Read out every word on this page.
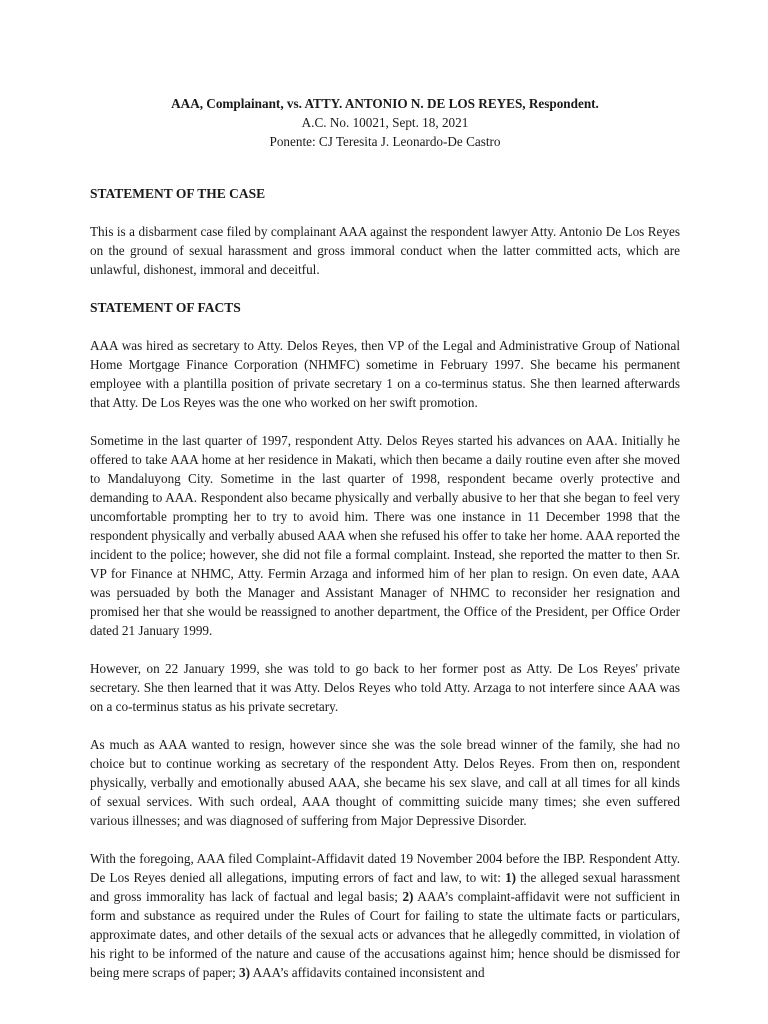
AAA, Complainant, vs. ATTY. ANTONIO N. DE LOS REYES, Respondent.
A.C. No. 10021, Sept. 18, 2021
Ponente: CJ Teresita J. Leonardo-De Castro
STATEMENT OF THE CASE

This is a disbarment case filed by complainant AAA against the respondent lawyer Atty. Antonio De Los Reyes on the ground of sexual harassment and gross immoral conduct when the latter committed acts, which are unlawful, dishonest, immoral and deceitful.

STATEMENT OF FACTS

AAA was hired as secretary to Atty. Delos Reyes, then VP of the Legal and Administrative Group of National Home Mortgage Finance Corporation (NHMFC) sometime in February 1997. She became his permanent employee with a plantilla position of private secretary 1 on a co-terminus status. She then learned afterwards that Atty. De Los Reyes was the one who worked on her swift promotion.

Sometime in the last quarter of 1997, respondent Atty. Delos Reyes started his advances on AAA. Initially he offered to take AAA home at her residence in Makati, which then became a daily routine even after she moved to Mandaluyong City. Sometime in the last quarter of 1998, respondent became overly protective and demanding to AAA. Respondent also became physically and verbally abusive to her that she began to feel very uncomfortable prompting her to try to avoid him. There was one instance in 11 December 1998 that the respondent physically and verbally abused AAA when she refused his offer to take her home. AAA reported the incident to the police; however, she did not file a formal complaint. Instead, she reported the matter to then Sr. VP for Finance at NHMC, Atty. Fermin Arzaga and informed him of her plan to resign. On even date, AAA was persuaded by both the Manager and Assistant Manager of NHMC to reconsider her resignation and promised her that she would be reassigned to another department, the Office of the President, per Office Order dated 21 January 1999.

However, on 22 January 1999, she was told to go back to her former post as Atty. De Los Reyes' private secretary. She then learned that it was Atty. Delos Reyes who told Atty. Arzaga to not interfere since AAA was on a co-terminus status as his private secretary.

As much as AAA wanted to resign, however since she was the sole bread winner of the family, she had no choice but to continue working as secretary of the respondent Atty. Delos Reyes. From then on, respondent physically, verbally and emotionally abused AAA, she became his sex slave, and call at all times for all kinds of sexual services. With such ordeal, AAA thought of committing suicide many times; she even suffered various illnesses; and was diagnosed of suffering from Major Depressive Disorder.

With the foregoing, AAA filed Complaint-Affidavit dated 19 November 2004 before the IBP. Respondent Atty. De Los Reyes denied all allegations, imputing errors of fact and law, to wit: 1) the alleged sexual harassment and gross immorality has lack of factual and legal basis; 2) AAA’s complaint-affidavit were not sufficient in form and substance as required under the Rules of Court for failing to state the ultimate facts or particulars, approximate dates, and other details of the sexual acts or advances that he allegedly committed, in violation of his right to be informed of the nature and cause of the accusations against him; hence should be dismissed for being mere scraps of paper; 3) AAA’s affidavits contained inconsistent and
